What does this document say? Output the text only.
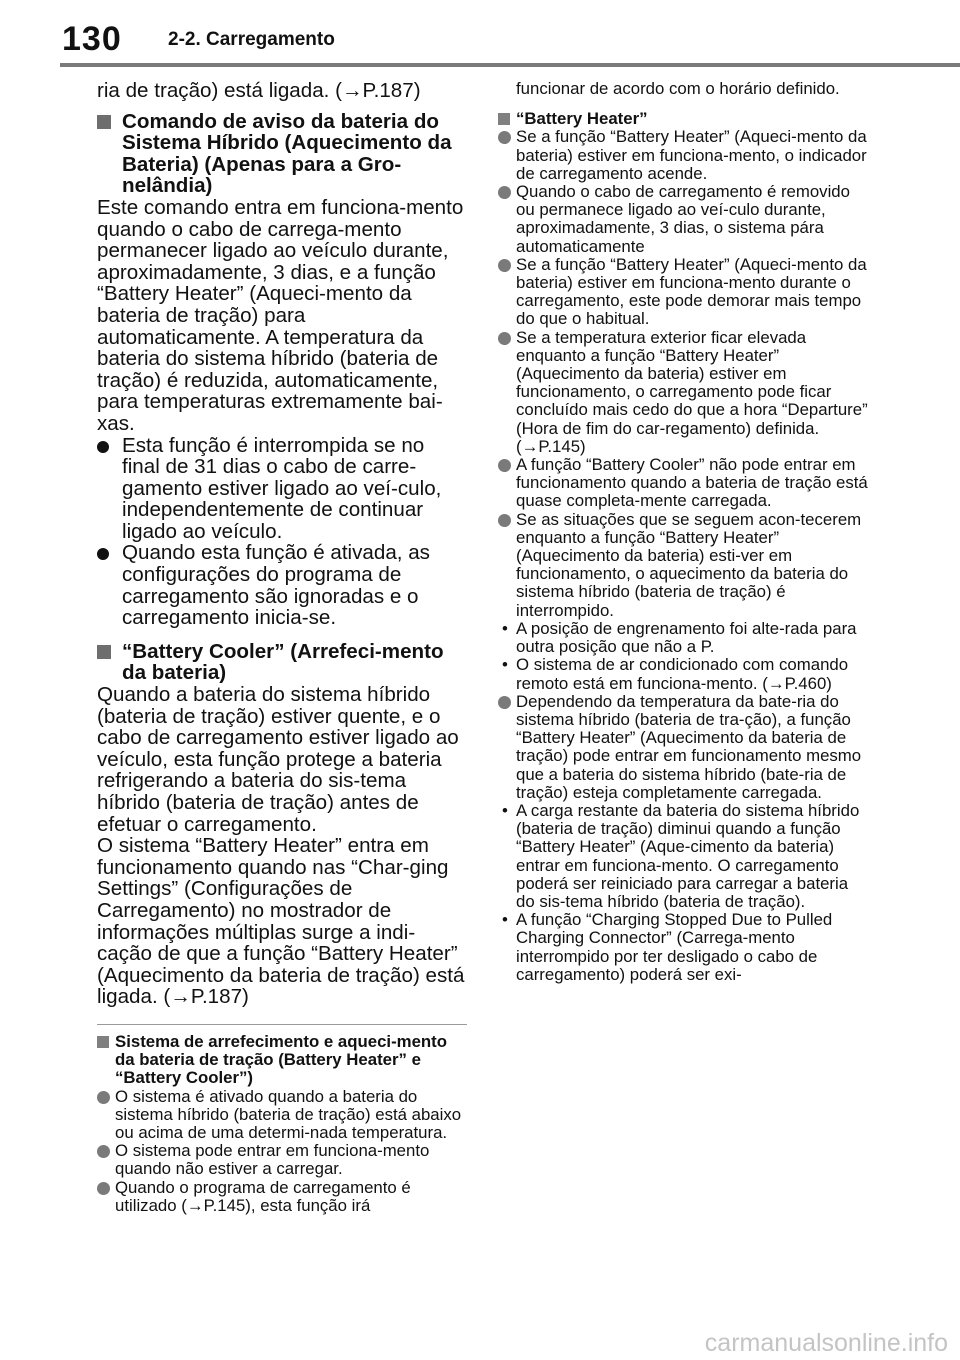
130 2-2. Carregamento

ria de tração) está ligada. (→P.187)

Comando de aviso da bateria do Sistema Híbrido (Aquecimento da Bateria) (Apenas para a Gro-nelândia)

Este comando entra em funciona-mento quando o cabo de carrega-mento permanecer ligado ao veículo durante, aproximadamente, 3 dias, e a função “Battery Heater” (Aqueci-mento da bateria de tração) para automaticamente. A temperatura da bateria do sistema híbrido (bateria de tração) é reduzida, automaticamente, para temperaturas extremamente bai-xas.

Esta função é interrompida se no final de 31 dias o cabo de carre-gamento estiver ligado ao veí-culo, independentemente de continuar ligado ao veículo.
Quando esta função é ativada, as configurações do programa de carregamento são ignoradas e o carregamento inicia-se.
“Battery Cooler” (Arrefeci-mento da bateria)

Quando a bateria do sistema híbrido (bateria de tração) estiver quente, e o cabo de carregamento estiver ligado ao veículo, esta função protege a bateria refrigerando a bateria do sis-tema híbrido (bateria de tração) antes de efetuar o carregamento.

O sistema “Battery Heater” entra em funcionamento quando nas “Char-ging Settings” (Configurações de Carregamento) no mostrador de informações múltiplas surge a indi-cação de que a função “Battery Heater” (Aquecimento da bateria de tração) está ligada. (→P.187)

Sistema de arrefecimento e aqueci-mento da bateria de tração (Battery Heater” e “Battery Cooler”)
O sistema é ativado quando a bateria do sistema híbrido (bateria de tração) está abaixo ou acima de uma determi-nada temperatura.
O sistema pode entrar em funciona-mento quando não estiver a carregar.
Quando o programa de carregamento é utilizado (→P.145), esta função irá

funcionar de acordo com o horário definido.

“Battery Heater”
Se a função “Battery Heater” (Aqueci-mento da bateria) estiver em funciona-mento, o indicador de carregamento acende.
Quando o cabo de carregamento é removido ou permanece ligado ao veí-culo durante, aproximadamente, 3 dias, o sistema pára automaticamente
Se a função “Battery Heater” (Aqueci-mento da bateria) estiver em funciona-mento durante o carregamento, este pode demorar mais tempo do que o habitual.
Se a temperatura exterior ficar elevada enquanto a função “Battery Heater” (Aquecimento da bateria) estiver em funcionamento, o carregamento pode ficar concluído mais cedo do que a hora “Departure” (Hora de fim do car-regamento) definida. (→P.145)
A função “Battery Cooler” não pode entrar em funcionamento quando a bateria de tração está quase completa-mente carregada.
Se as situações que se seguem acon-tecerem enquanto a função “Battery Heater” (Aquecimento da bateria) esti-ver em funcionamento, o aquecimento da bateria do sistema híbrido (bateria de tração) é interrompido.
• A posição de engrenamento foi alte-rada para outra posição que não a P.
• O sistema de ar condicionado com comando remoto está em funciona-mento. (→P.460)
Dependendo da temperatura da bate-ria do sistema híbrido (bateria de tra-ção), a função “Battery Heater” (Aquecimento da bateria de tração) pode entrar em funcionamento mesmo que a bateria do sistema híbrido (bate-ria de tração) esteja completamente carregada.
• A carga restante da bateria do sistema híbrido (bateria de tração) diminui quando a função “Battery Heater” (Aque-cimento da bateria) entrar em funciona-mento. O carregamento poderá ser reiniciado para carregar a bateria do sis-tema híbrido (bateria de tração).
• A função “Charging Stopped Due to Pulled Charging Connector” (Carrega-mento interrompido por ter desligado o cabo de carregamento) poderá ser exi-
carmanualsonline.info
